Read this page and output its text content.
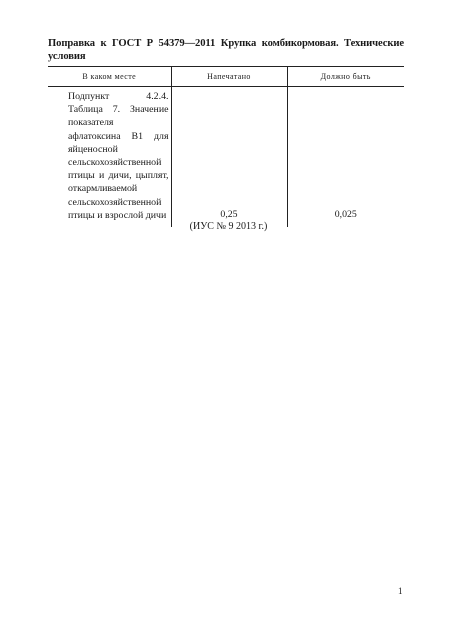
Поправка к ГОСТ Р 54379—2011 Крупка комбикормовая. Технические условия
В каком месте	Напечатано	Должно быть

Подпункт 4.2.4. Таблица 7. Значение показателя афлатоксина В1 для яйценосной сельскохозяйственной птицы и дичи, цыплят, откармливаемой сельскохозяйственной птицы и взрослой дичи	0,25	0,025
(ИУС № 9 2013 г.)
1
